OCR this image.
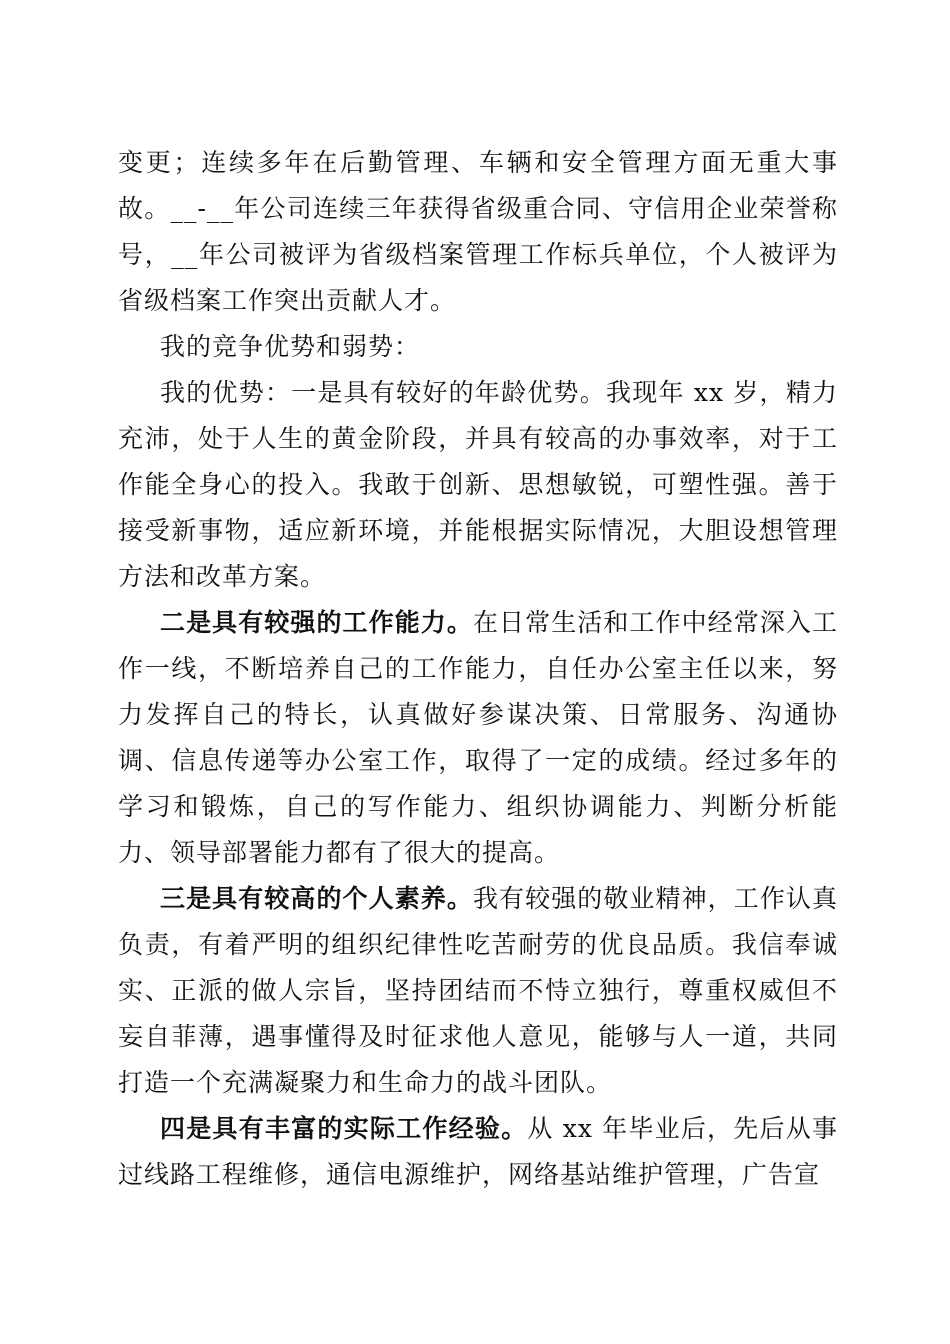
变更；连续多年在后勤管理、车辆和安全管理方面无重大事故。__-__年公司连续三年获得省级重合同、守信用企业荣誉称号，__年公司被评为省级档案管理工作标兵单位，个人被评为省级档案工作突出贡献人才。

我的竞争优势和弱势：

我的优势：一是具有较好的年龄优势。我现年 xx 岁，精力充沛，处于人生的黄金阶段，并具有较高的办事效率，对于工作能全身心的投入。我敢于创新、思想敏锐，可塑性强。善于接受新事物，适应新环境，并能根据实际情况，大胆设想管理方法和改革方案。

二是具有较强的工作能力。在日常生活和工作中经常深入工作一线，不断培养自己的工作能力，自任办公室主任以来，努力发挥自己的特长，认真做好参谋决策、日常服务、沟通协调、信息传递等办公室工作，取得了一定的成绩。经过多年的学习和锻炼，自己的写作能力、组织协调能力、判断分析能力、领导部署能力都有了很大的提高。

三是具有较高的个人素养。我有较强的敬业精神，工作认真负责，有着严明的组织纪律性吃苦耐劳的优良品质。我信奉诚实、正派的做人宗旨，坚持团结而不恃立独行，尊重权威但不妄自菲薄，遇事懂得及时征求他人意见，能够与人一道，共同打造一个充满凝聚力和生命力的战斗团队。

四是具有丰富的实际工作经验。从 xx 年毕业后，先后从事过线路工程维修，通信电源维护，网络基站维护管理，广告宣
